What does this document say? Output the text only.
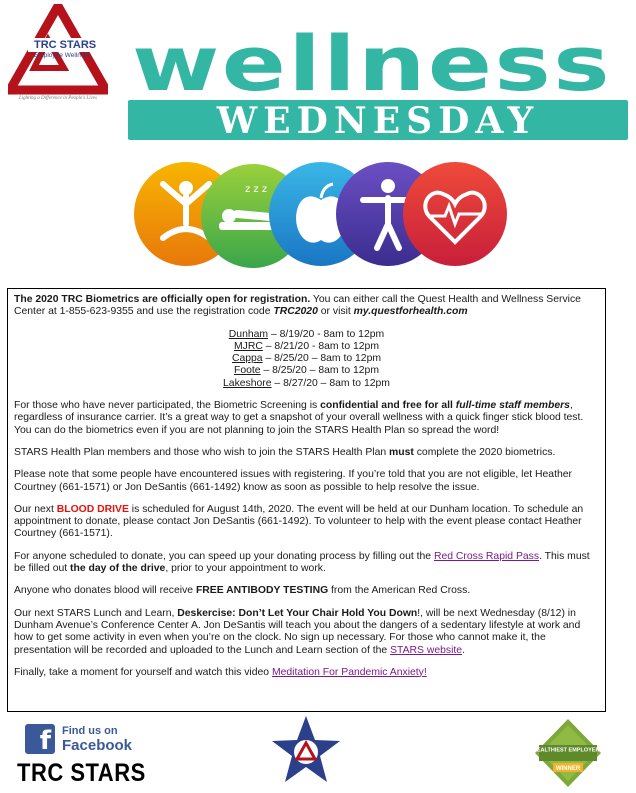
TRC STARS
Employee Wellness
Lighting a Difference in People's Lives wellness
WEDNESDAY
z z z

The 2020 TRC Biometrics are officially open for registration. You can either call the Quest Health and Wellness Service Center at 1-855-623-9355 and use the registration code TRC2020 or visit my.questforhealth.com

Dunham – 8/19/20 - 8am to 12pm
MJRC – 8/21/20 - 8am to 12pm
Cappa – 8/25/20 – 8am to 12pm
Foote – 8/25/20 – 8am to 12pm
Lakeshore – 8/27/20 – 8am to 12pm

For those who have never participated, the Biometric Screening is confidential and free for all full-time staff members, regardless of insurance carrier. It’s a great way to get a snapshot of your overall wellness with a quick finger stick blood test. You can do the biometrics even if you are not planning to join the STARS Health Plan so spread the word!

STARS Health Plan members and those who wish to join the STARS Health Plan must complete the 2020 biometrics.

Please note that some people have encountered issues with registering. If you’re told that you are not eligible, let Heather Courtney (661-1571) or Jon DeSantis (661-1492) know as soon as possible to help resolve the issue.

Our next BLOOD DRIVE is scheduled for August 14th, 2020. The event will be held at our Dunham location. To schedule an appointment to donate, please contact Jon DeSantis (661-1492). To volunteer to help with the event please contact Heather Courtney (661-1571).

For anyone scheduled to donate, you can speed up your donating process by filling out the Red Cross Rapid Pass. This must be filled out the day of the drive, prior to your appointment to work.

Anyone who donates blood will receive FREE ANTIBODY TESTING from the American Red Cross.

Our next STARS Lunch and Learn, Deskercise: Don’t Let Your Chair Hold You Down!, will be next Wednesday (8/12) in Dunham Avenue’s Conference Center A. Jon DeSantis will teach you about the dangers of a sedentary lifestyle at work and how to get some activity in even when you’re on the clock. No sign up necessary. For those who cannot make it, the presentation will be recorded and uploaded to the Lunch and Learn section of the STARS website.

Finally, take a moment for yourself and watch this video Meditation For Pandemic Anxiety!

f	Find us on
Facebook
TRC STARS
HEALTHIEST EMPLOYERS
WINNER
